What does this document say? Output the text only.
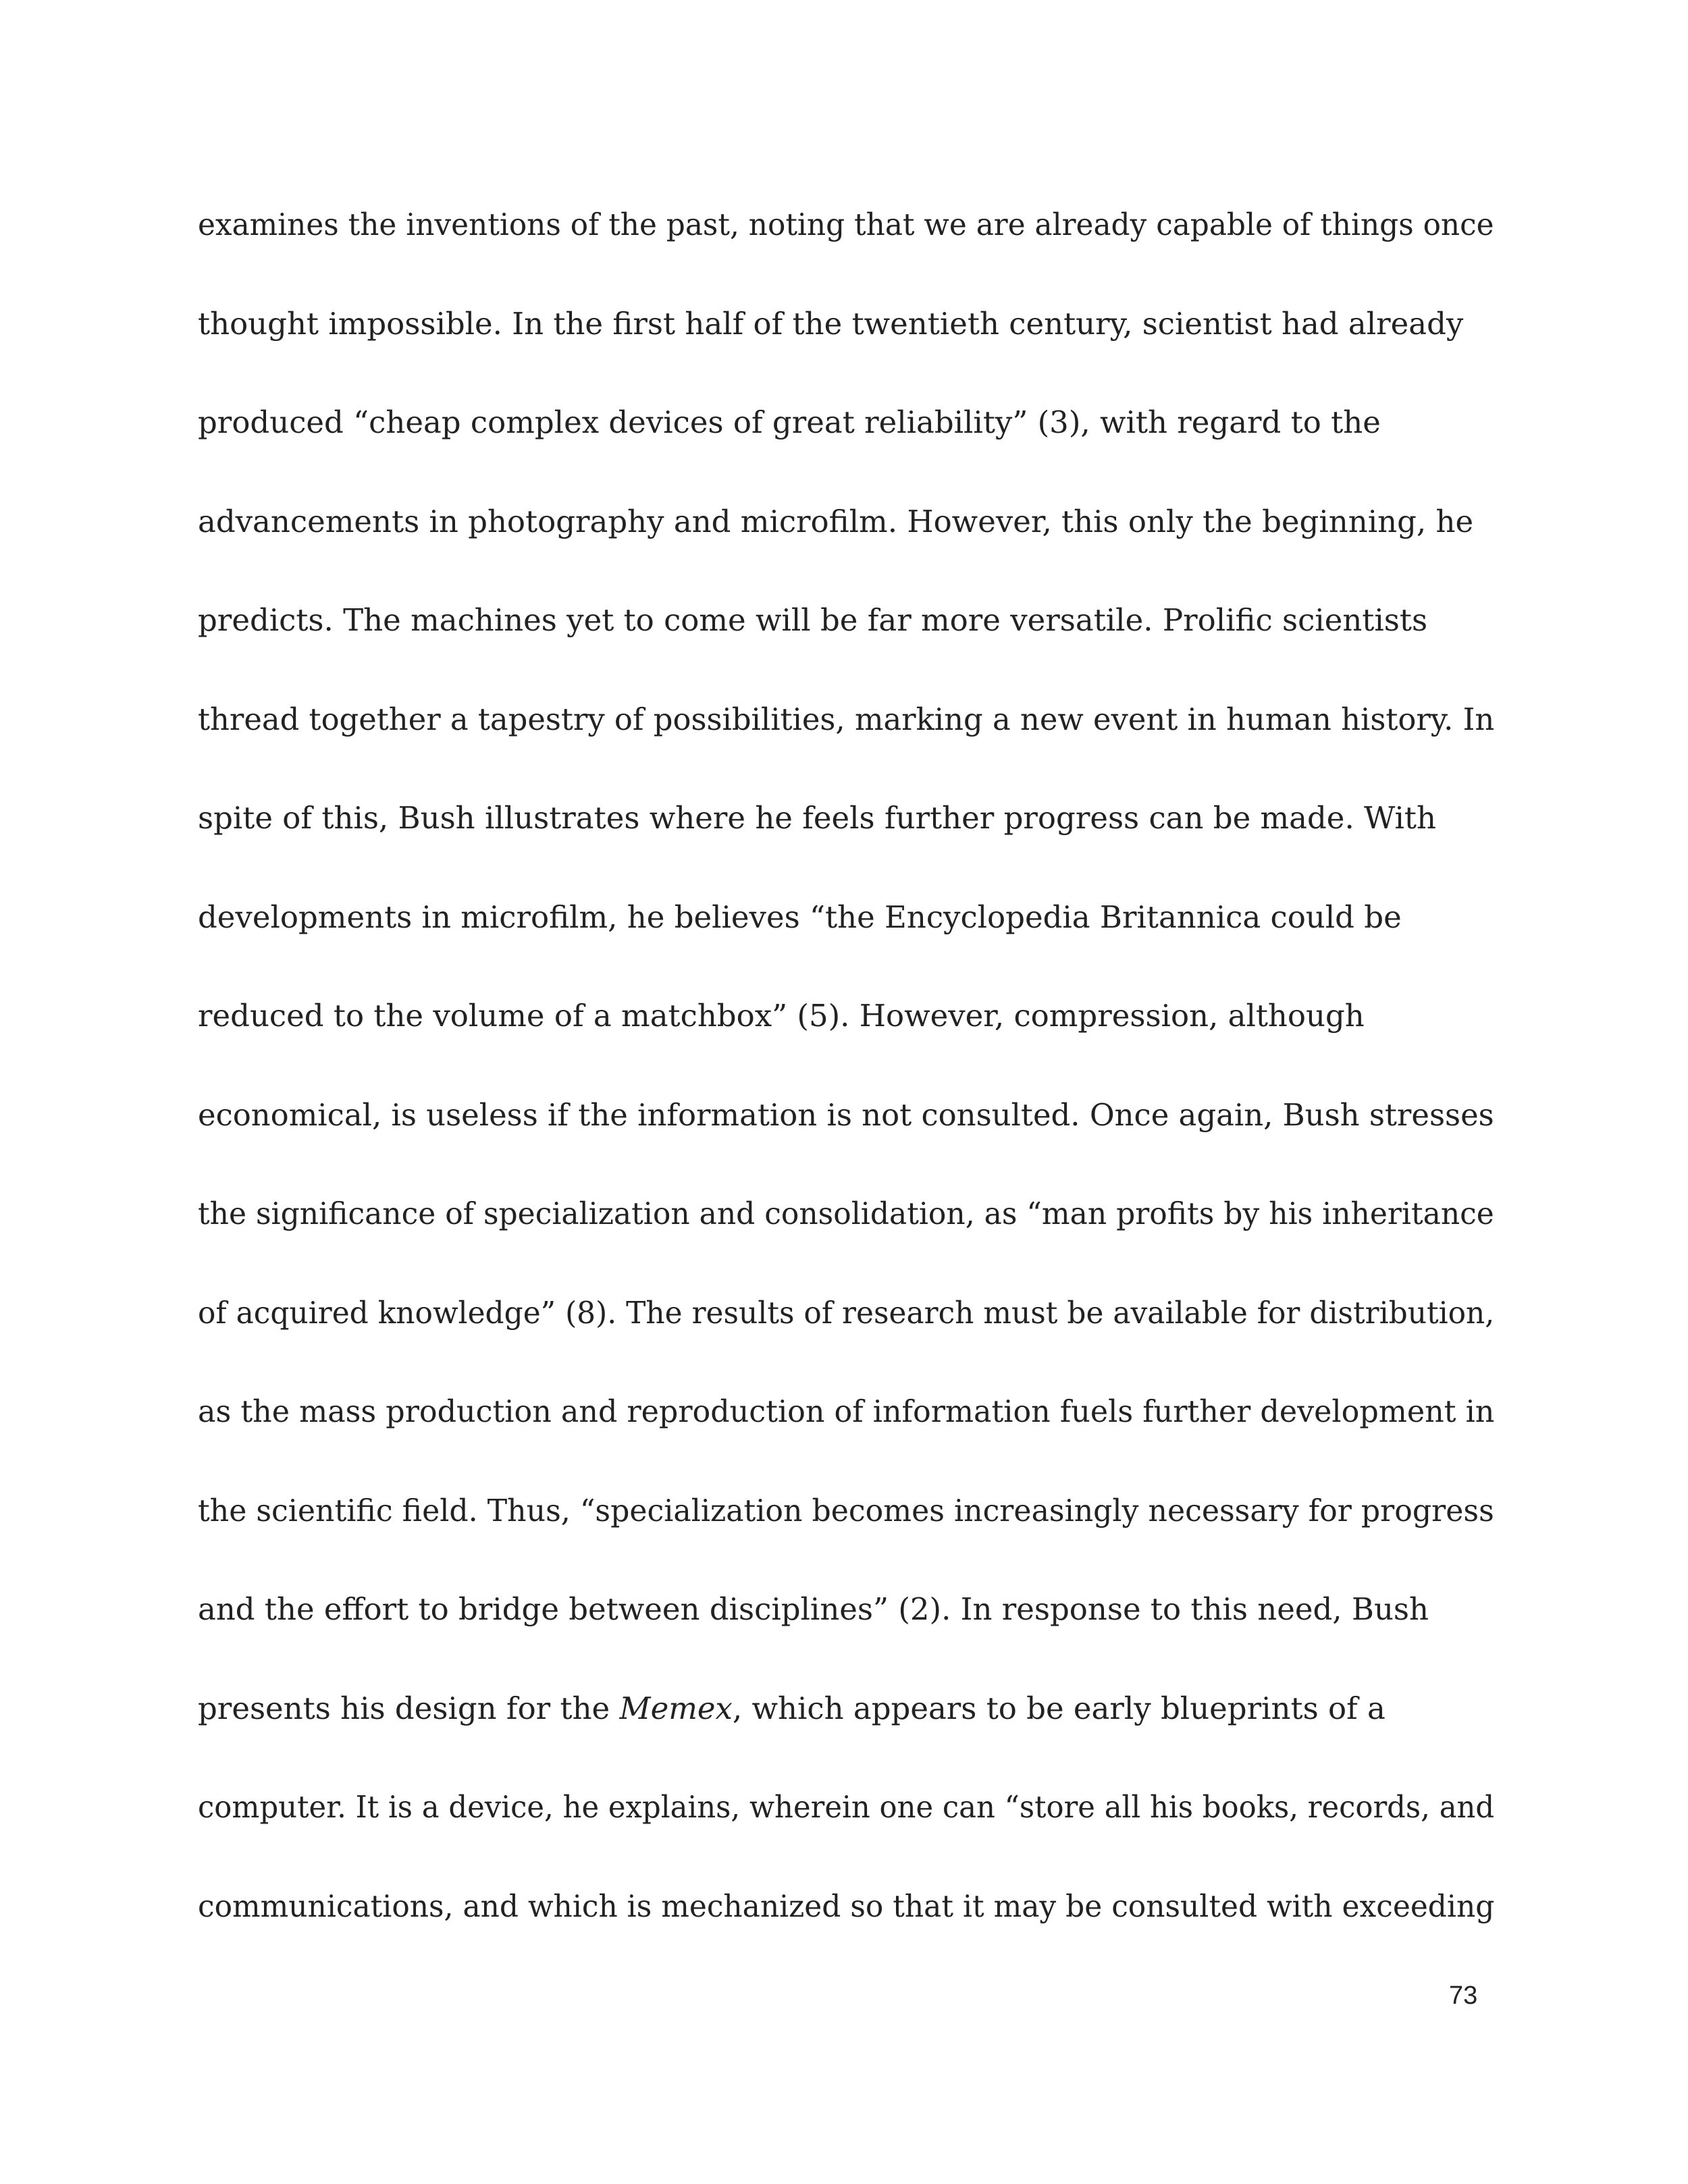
examines the inventions of the past, noting that we are already capable of things once
thought impossible. In the first half of the twentieth century, scientist had already
produced “cheap complex devices of great reliability” (3), with regard to the
advancements in photography and microfilm. However, this only the beginning, he
predicts. The machines yet to come will be far more versatile. Prolific scientists
thread together a tapestry of possibilities, marking a new event in human history. In
spite of this, Bush illustrates where he feels further progress can be made. With
developments in microfilm, he believes “the Encyclopedia Britannica could be
reduced to the volume of a matchbox” (5). However, compression, although
economical, is useless if the information is not consulted. Once again, Bush stresses
the significance of specialization and consolidation, as “man profits by his inheritance
of acquired knowledge” (8). The results of research must be available for distribution,
as the mass production and reproduction of information fuels further development in
the scientific field. Thus, “specialization becomes increasingly necessary for progress
and the effort to bridge between disciplines” (2). In response to this need, Bush
presents his design for the Memex, which appears to be early blueprints of a
computer. It is a device, he explains, wherein one can “store all his books, records, and
communications, and which is mechanized so that it may be consulted with exceeding
73
